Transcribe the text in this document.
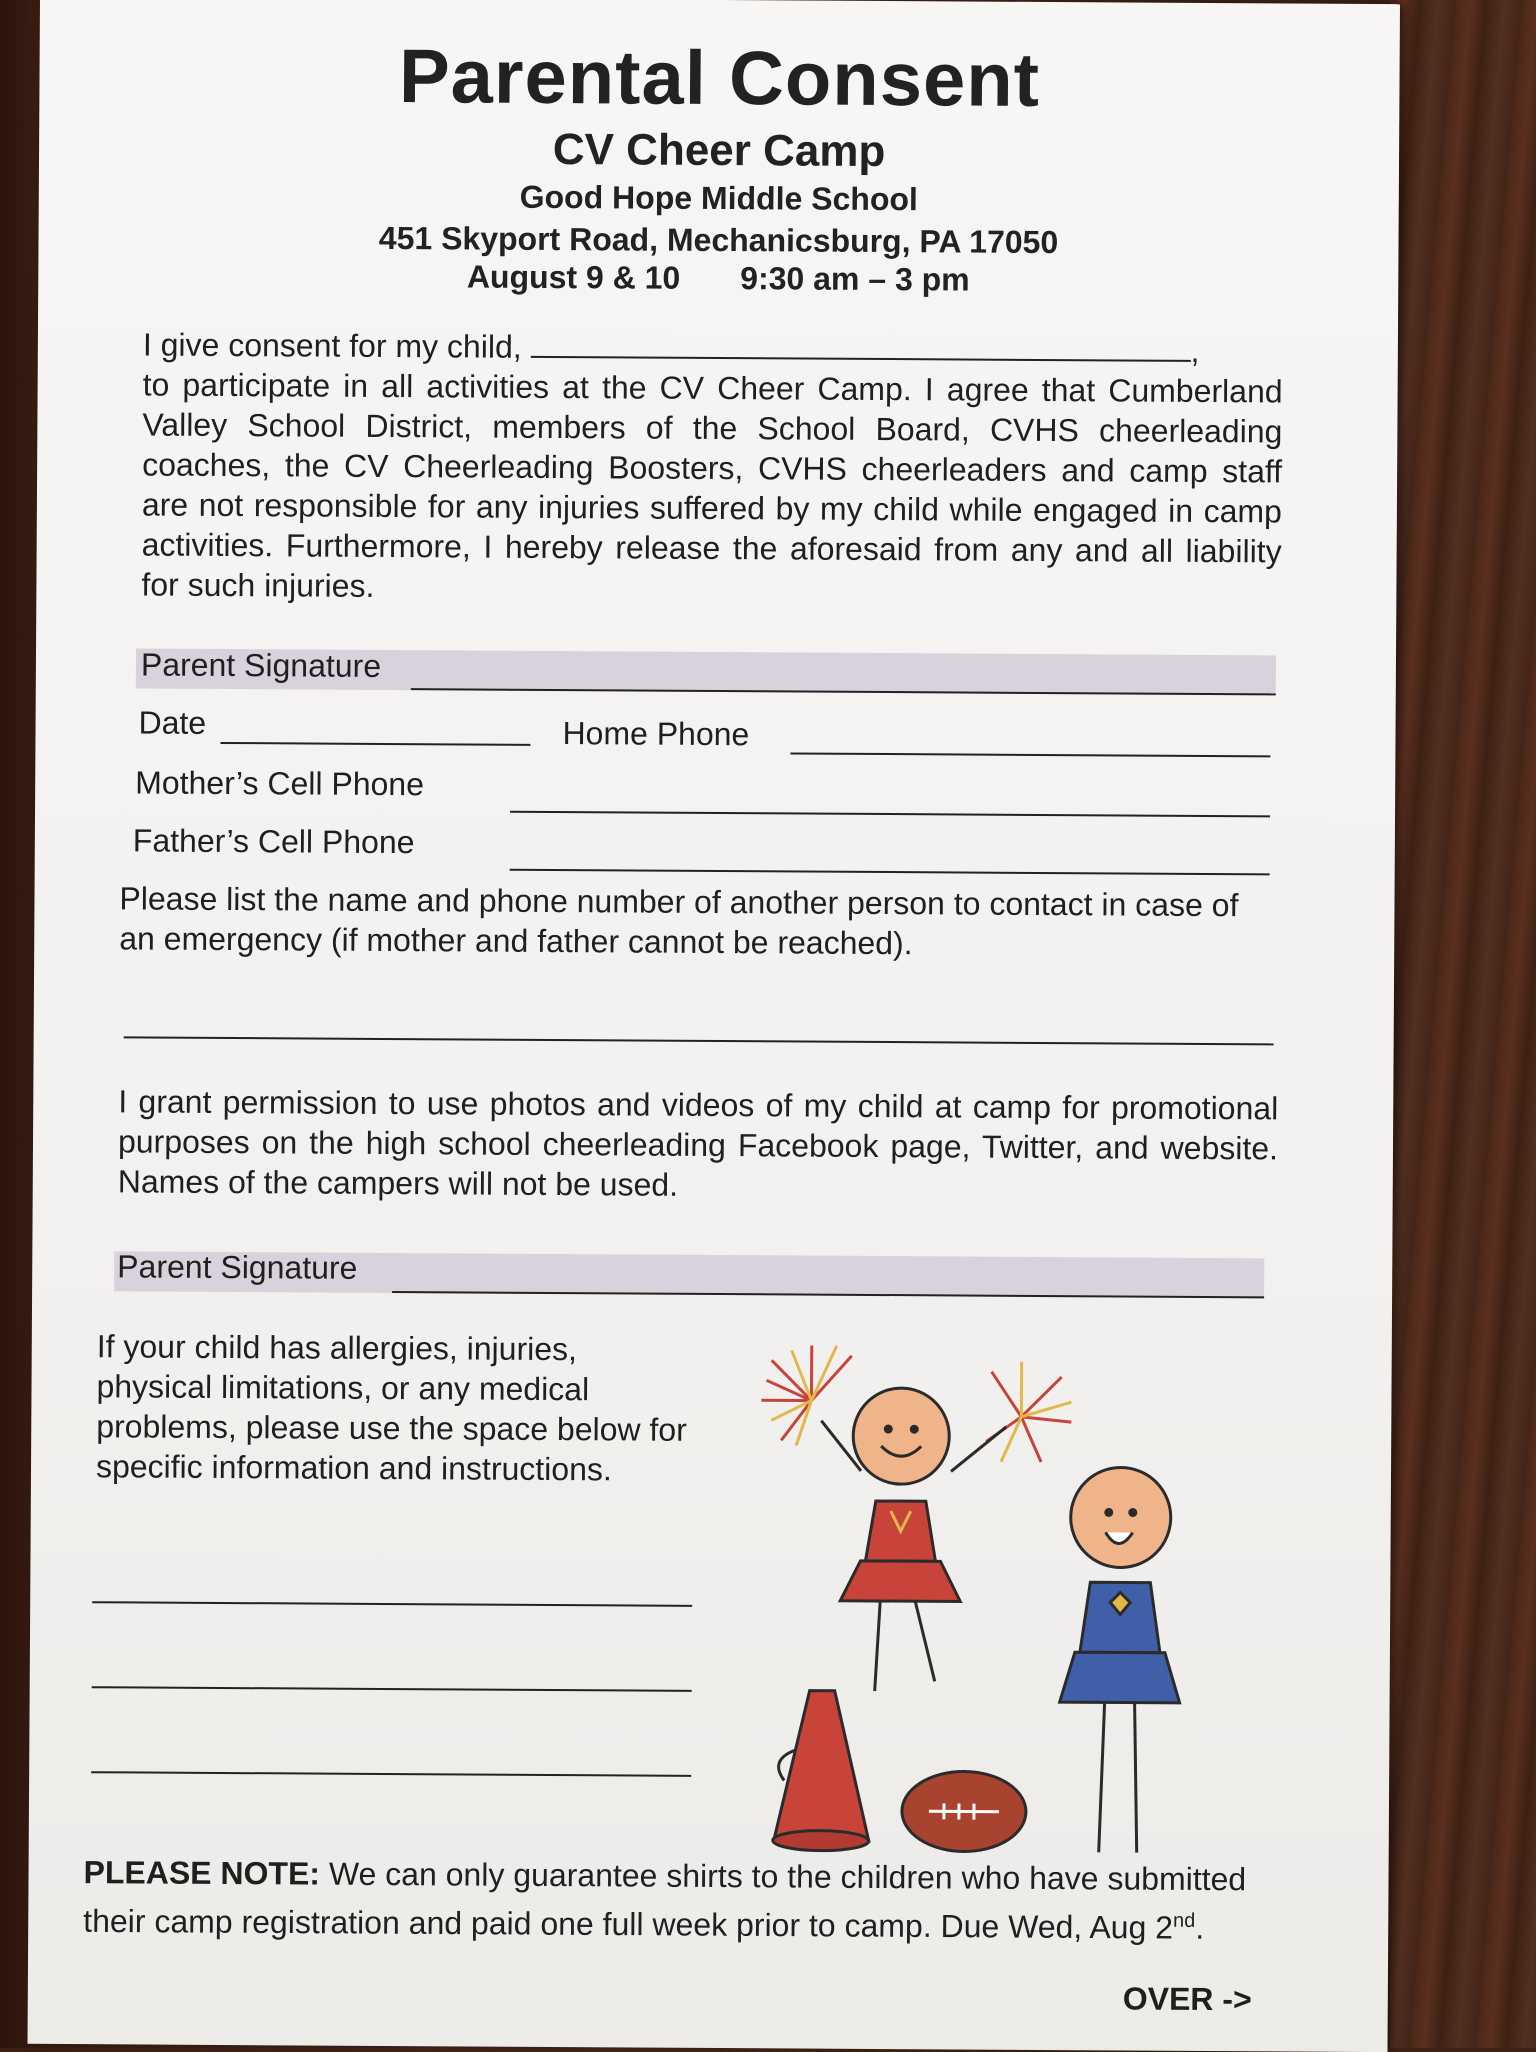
Parental Consent
CV Cheer Camp
Good Hope Middle School
451 Skyport Road, Mechanicsburg, PA 17050
August 9 & 10 9:30 am – 3 pm
I give consent for my child,	,
to participate in all activities at the CV Cheer Camp. I agree that Cumberland Valley School District, members of the School Board, CVHS cheerleading coaches, the CV Cheerleading Boosters, CVHS cheerleaders and camp staff are not responsible for any injuries suffered by my child while engaged in camp activities. Furthermore, I hereby release the aforesaid from any and all liability for such injuries.
Parent Signature
Date	Home Phone
Mother’s Cell Phone
Father’s Cell Phone
Please list the name and phone number of another person to contact in case of an emergency (if mother and father cannot be reached).
I grant permission to use photos and videos of my child at camp for promotional purposes on the high school cheerleading Facebook page, Twitter, and website. Names of the campers will not be used.
Parent Signature
If your child has allergies, injuries, physical limitations, or any medical problems, please use the space below for specific information and instructions.
PLEASE NOTE: We can only guarantee shirts to the children who have submitted their camp registration and paid one full week prior to camp. Due Wed, Aug 2nd.
OVER ->
